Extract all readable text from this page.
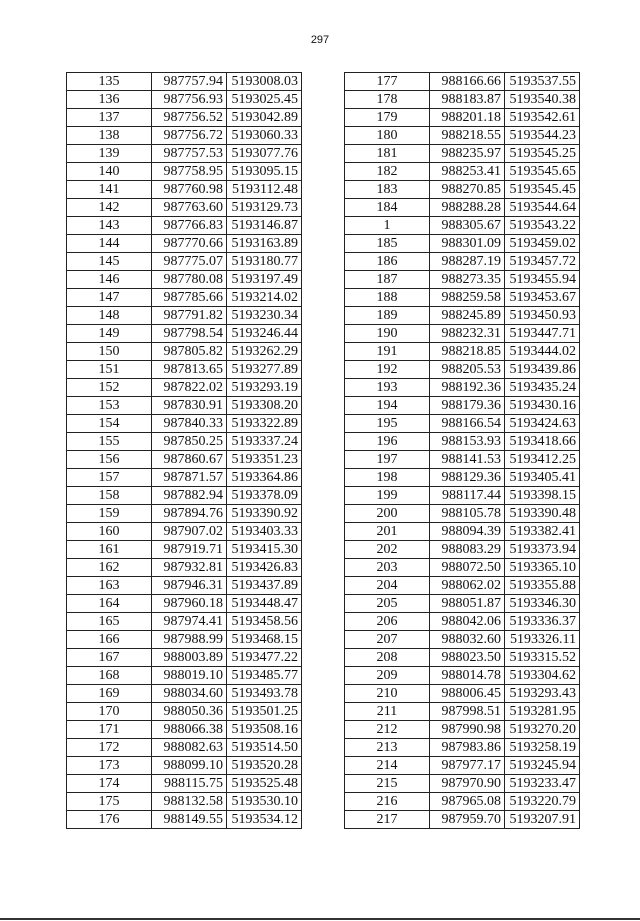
297
135	987757.94	5193008.03
136	987756.93	5193025.45
137	987756.52	5193042.89
138	987756.72	5193060.33
139	987757.53	5193077.76
140	987758.95	5193095.15
141	987760.98	5193112.48
142	987763.60	5193129.73
143	987766.83	5193146.87
144	987770.66	5193163.89
145	987775.07	5193180.77
146	987780.08	5193197.49
147	987785.66	5193214.02
148	987791.82	5193230.34
149	987798.54	5193246.44
150	987805.82	5193262.29
151	987813.65	5193277.89
152	987822.02	5193293.19
153	987830.91	5193308.20
154	987840.33	5193322.89
155	987850.25	5193337.24
156	987860.67	5193351.23
157	987871.57	5193364.86
158	987882.94	5193378.09
159	987894.76	5193390.92
160	987907.02	5193403.33
161	987919.71	5193415.30
162	987932.81	5193426.83
163	987946.31	5193437.89
164	987960.18	5193448.47
165	987974.41	5193458.56
166	987988.99	5193468.15
167	988003.89	5193477.22
168	988019.10	5193485.77
169	988034.60	5193493.78
170	988050.36	5193501.25
171	988066.38	5193508.16
172	988082.63	5193514.50
173	988099.10	5193520.28
174	988115.75	5193525.48
175	988132.58	5193530.10
176	988149.55	5193534.12
177	988166.66	5193537.55
178	988183.87	5193540.38
179	988201.18	5193542.61
180	988218.55	5193544.23
181	988235.97	5193545.25
182	988253.41	5193545.65
183	988270.85	5193545.45
184	988288.28	5193544.64
1	988305.67	5193543.22
185	988301.09	5193459.02
186	988287.19	5193457.72
187	988273.35	5193455.94
188	988259.58	5193453.67
189	988245.89	5193450.93
190	988232.31	5193447.71
191	988218.85	5193444.02
192	988205.53	5193439.86
193	988192.36	5193435.24
194	988179.36	5193430.16
195	988166.54	5193424.63
196	988153.93	5193418.66
197	988141.53	5193412.25
198	988129.36	5193405.41
199	988117.44	5193398.15
200	988105.78	5193390.48
201	988094.39	5193382.41
202	988083.29	5193373.94
203	988072.50	5193365.10
204	988062.02	5193355.88
205	988051.87	5193346.30
206	988042.06	5193336.37
207	988032.60	5193326.11
208	988023.50	5193315.52
209	988014.78	5193304.62
210	988006.45	5193293.43
211	987998.51	5193281.95
212	987990.98	5193270.20
213	987983.86	5193258.19
214	987977.17	5193245.94
215	987970.90	5193233.47
216	987965.08	5193220.79
217	987959.70	5193207.91
